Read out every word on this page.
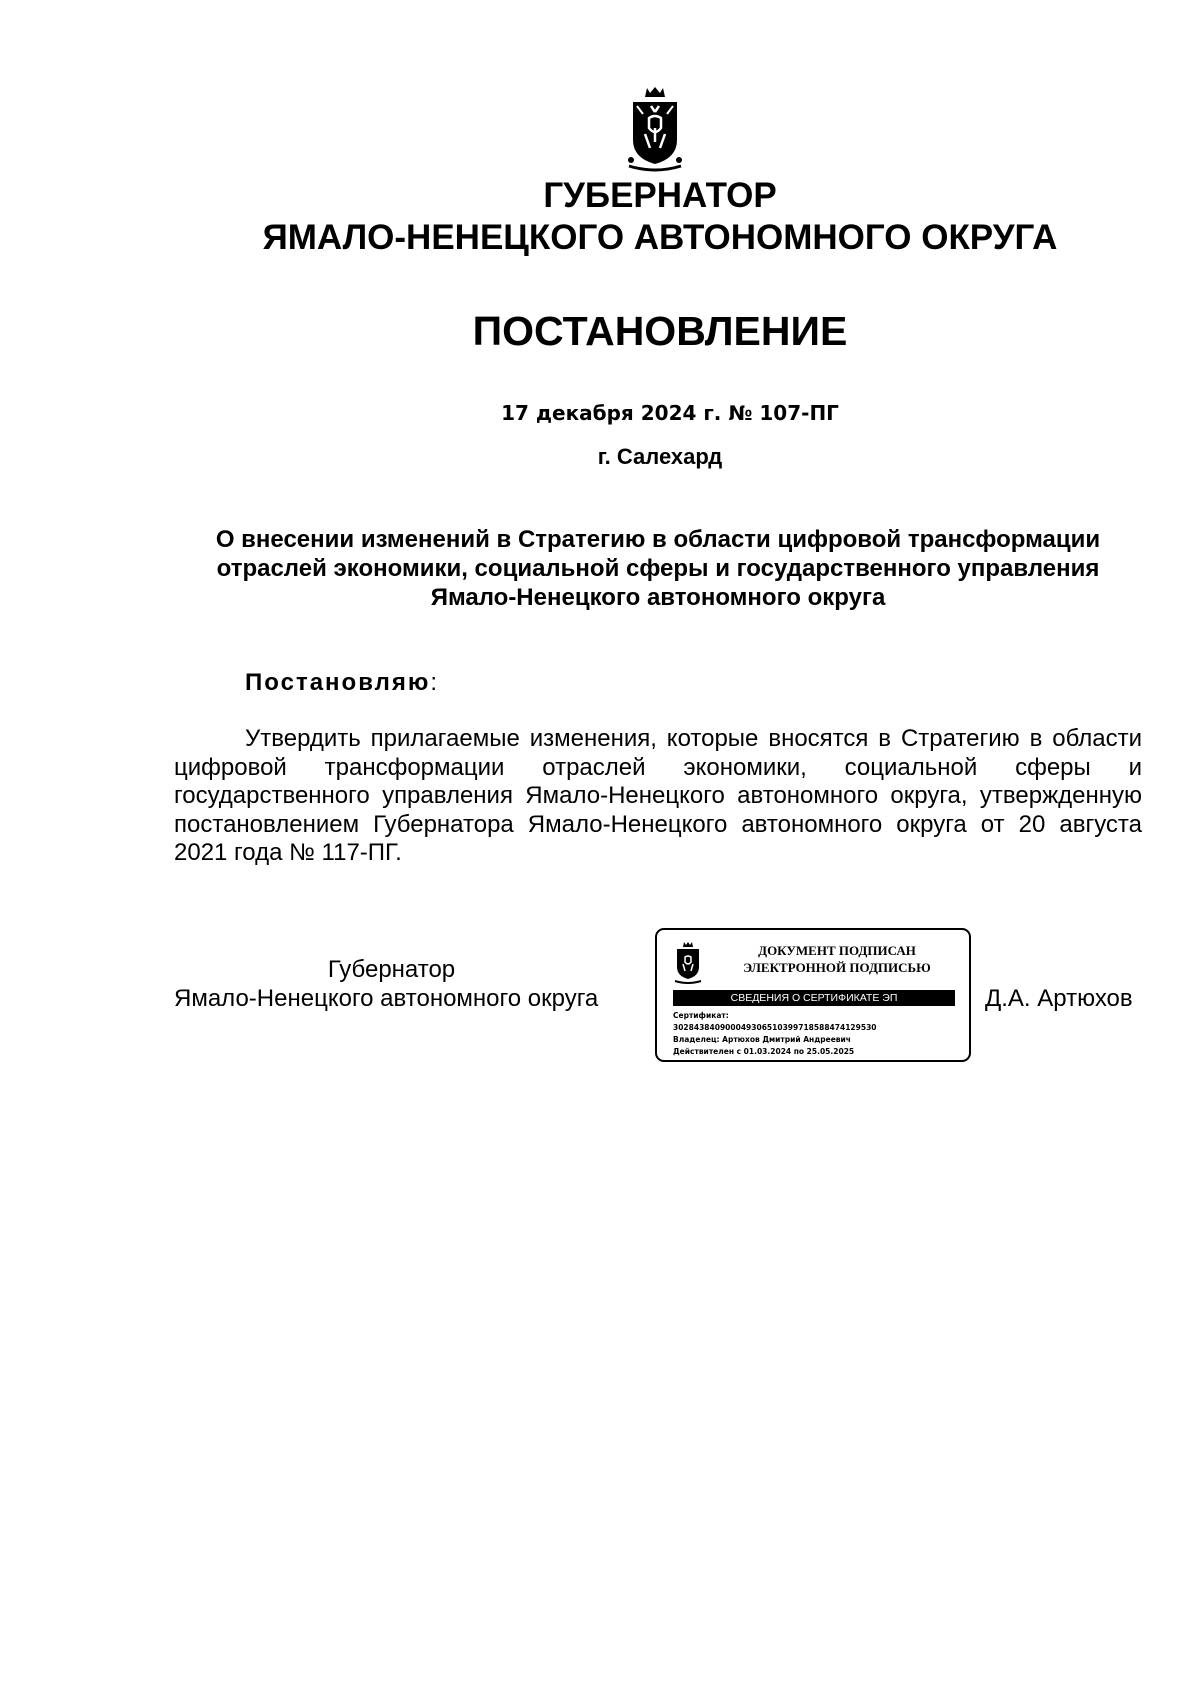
ГУБЕРНАТОР
ЯМАЛО-НЕНЕЦКОГО АВТОНОМНОГО ОКРУГА
ПОСТАНОВЛЕНИЕ
17 декабря 2024 г. № 107-ПГ
г. Салехард
О внесении изменений в Стратегию в области цифровой трансформации отраслей экономики, социальной сферы и государственного управления Ямало-Ненецкого автономного округа
Постановляю:
Утвердить прилагаемые изменения, которые вносятся в Стратегию в области цифровой трансформации отраслей экономики, социальной сферы и государственного управления Ямало-Ненецкого автономного округа, утвержденную постановлением Губернатора Ямало-Ненецкого автономного округа от 20 августа 2021 года № 117-ПГ.
Губернатор
Ямало-Ненецкого автономного округа
ДОКУМЕНТ ПОДПИСАН
ЭЛЕКТРОННОЙ ПОДПИСЬЮ
СВЕДЕНИЯ О СЕРТИФИКАТЕ ЭП
Сертификат:
302843840900049306510399718588474129530
Владелец: Артюхов Дмитрий Андреевич
Действителен с 01.03.2024 по 25.05.2025
Д.А. Артюхов
